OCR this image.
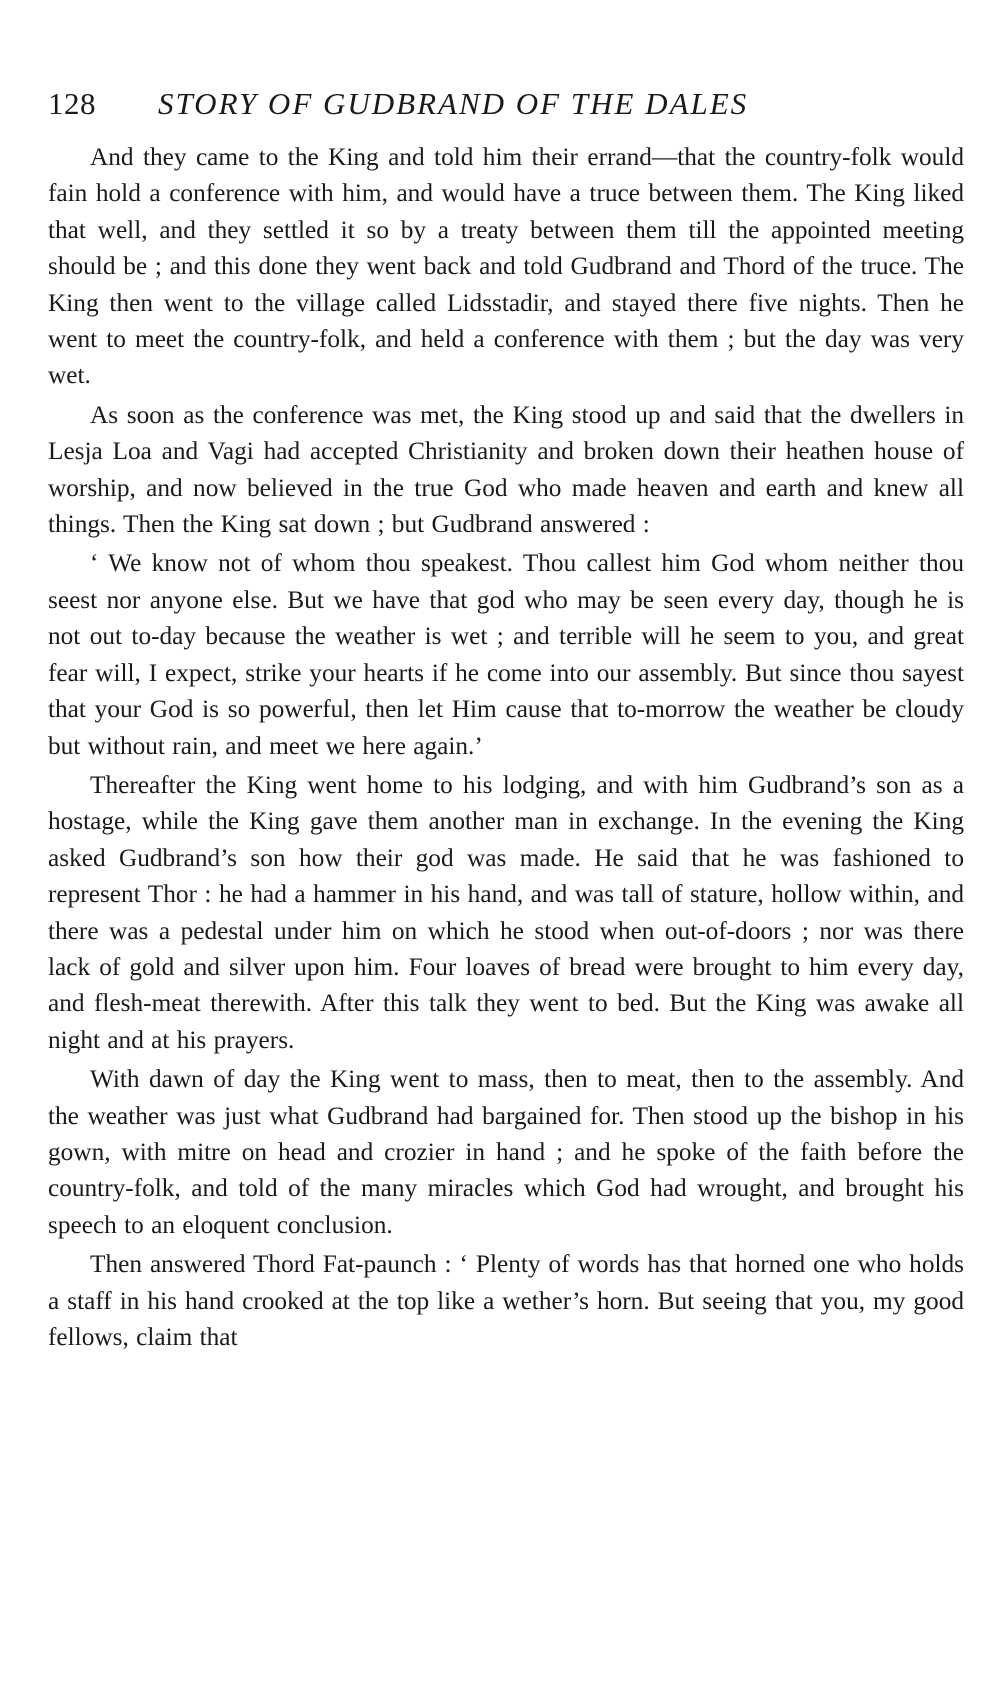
128	STORY OF GUDBRAND OF THE DALES

And they came to the King and told him their errand—that the country-folk would fain hold a conference with him, and would have a truce between them. The King liked that well, and they settled it so by a treaty between them till the appointed meeting should be ; and this done they went back and told Gudbrand and Thord of the truce. The King then went to the village called Lidsstadir, and stayed there five nights. Then he went to meet the country-folk, and held a conference with them ; but the day was very wet.

As soon as the conference was met, the King stood up and said that the dwellers in Lesja Loa and Vagi had accepted Christianity and broken down their heathen house of worship, and now believed in the true God who made heaven and earth and knew all things. Then the King sat down ; but Gudbrand answered :

‘ We know not of whom thou speakest. Thou callest him God whom neither thou seest nor anyone else. But we have that god who may be seen every day, though he is not out to-day because the weather is wet ; and terrible will he seem to you, and great fear will, I expect, strike your hearts if he come into our assembly. But since thou sayest that your God is so powerful, then let Him cause that to-morrow the weather be cloudy but without rain, and meet we here again.’

Thereafter the King went home to his lodging, and with him Gudbrand’s son as a hostage, while the King gave them another man in exchange. In the evening the King asked Gudbrand’s son how their god was made. He said that he was fashioned to represent Thor : he had a hammer in his hand, and was tall of stature, hollow within, and there was a pedestal under him on which he stood when out-of-doors ; nor was there lack of gold and silver upon him. Four loaves of bread were brought to him every day, and flesh-meat therewith. After this talk they went to bed. But the King was awake all night and at his prayers.

With dawn of day the King went to mass, then to meat, then to the assembly. And the weather was just what Gudbrand had bargained for. Then stood up the bishop in his gown, with mitre on head and crozier in hand ; and he spoke of the faith before the country-folk, and told of the many miracles which God had wrought, and brought his speech to an eloquent conclusion.

Then answered Thord Fat-paunch : ‘ Plenty of words has that horned one who holds a staff in his hand crooked at the top like a wether’s horn. But seeing that you, my good fellows, claim that
